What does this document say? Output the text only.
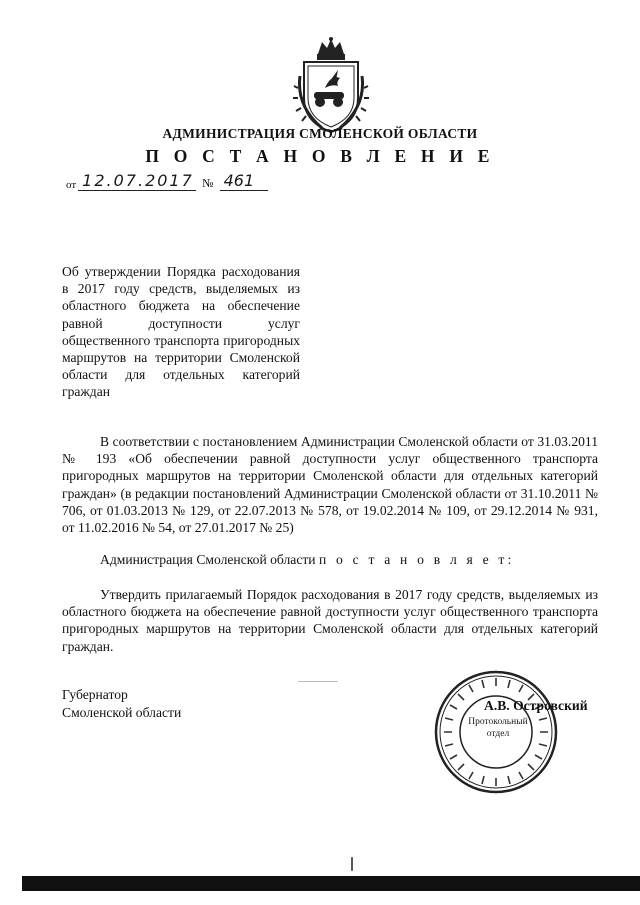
АДМИНИСТРАЦИЯ СМОЛЕНСКОЙ ОБЛАСТИ
П О С Т А Н О В Л Е Н И Е
от 12.07.2017 № 461
Об утверждении Порядка расходования в 2017 году средств, выделяемых из областного бюджета на обеспечение равной доступности услуг общественного транспорта пригородных маршрутов на территории Смоленской области для отдельных категорий граждан
В соответствии с постановлением Администрации Смоленской области от 31.03.2011 № 193 «Об обеспечении равной доступности услуг общественного транспорта пригородных маршрутов на территории Смоленской области для отдельных категорий граждан» (в редакции постановлений Администрации Смоленской области от 31.10.2011 № 706, от 01.03.2013 № 129, от 22.07.2013 № 578, от 19.02.2014 № 109, от 29.12.2014 № 931, от 11.02.2016 № 54, от 27.01.2017 № 25)
Администрация Смоленской области п о с т а н о в л я е т:
Утвердить прилагаемый Порядок расходования в 2017 году средств, выделяемых из областного бюджета на обеспечение равной доступности услуг общественного транспорта пригородных маршрутов на территории Смоленской области для отдельных категорий граждан.
Губернатор
Смоленской области
Протокольный
отдел
А.В. Островский
